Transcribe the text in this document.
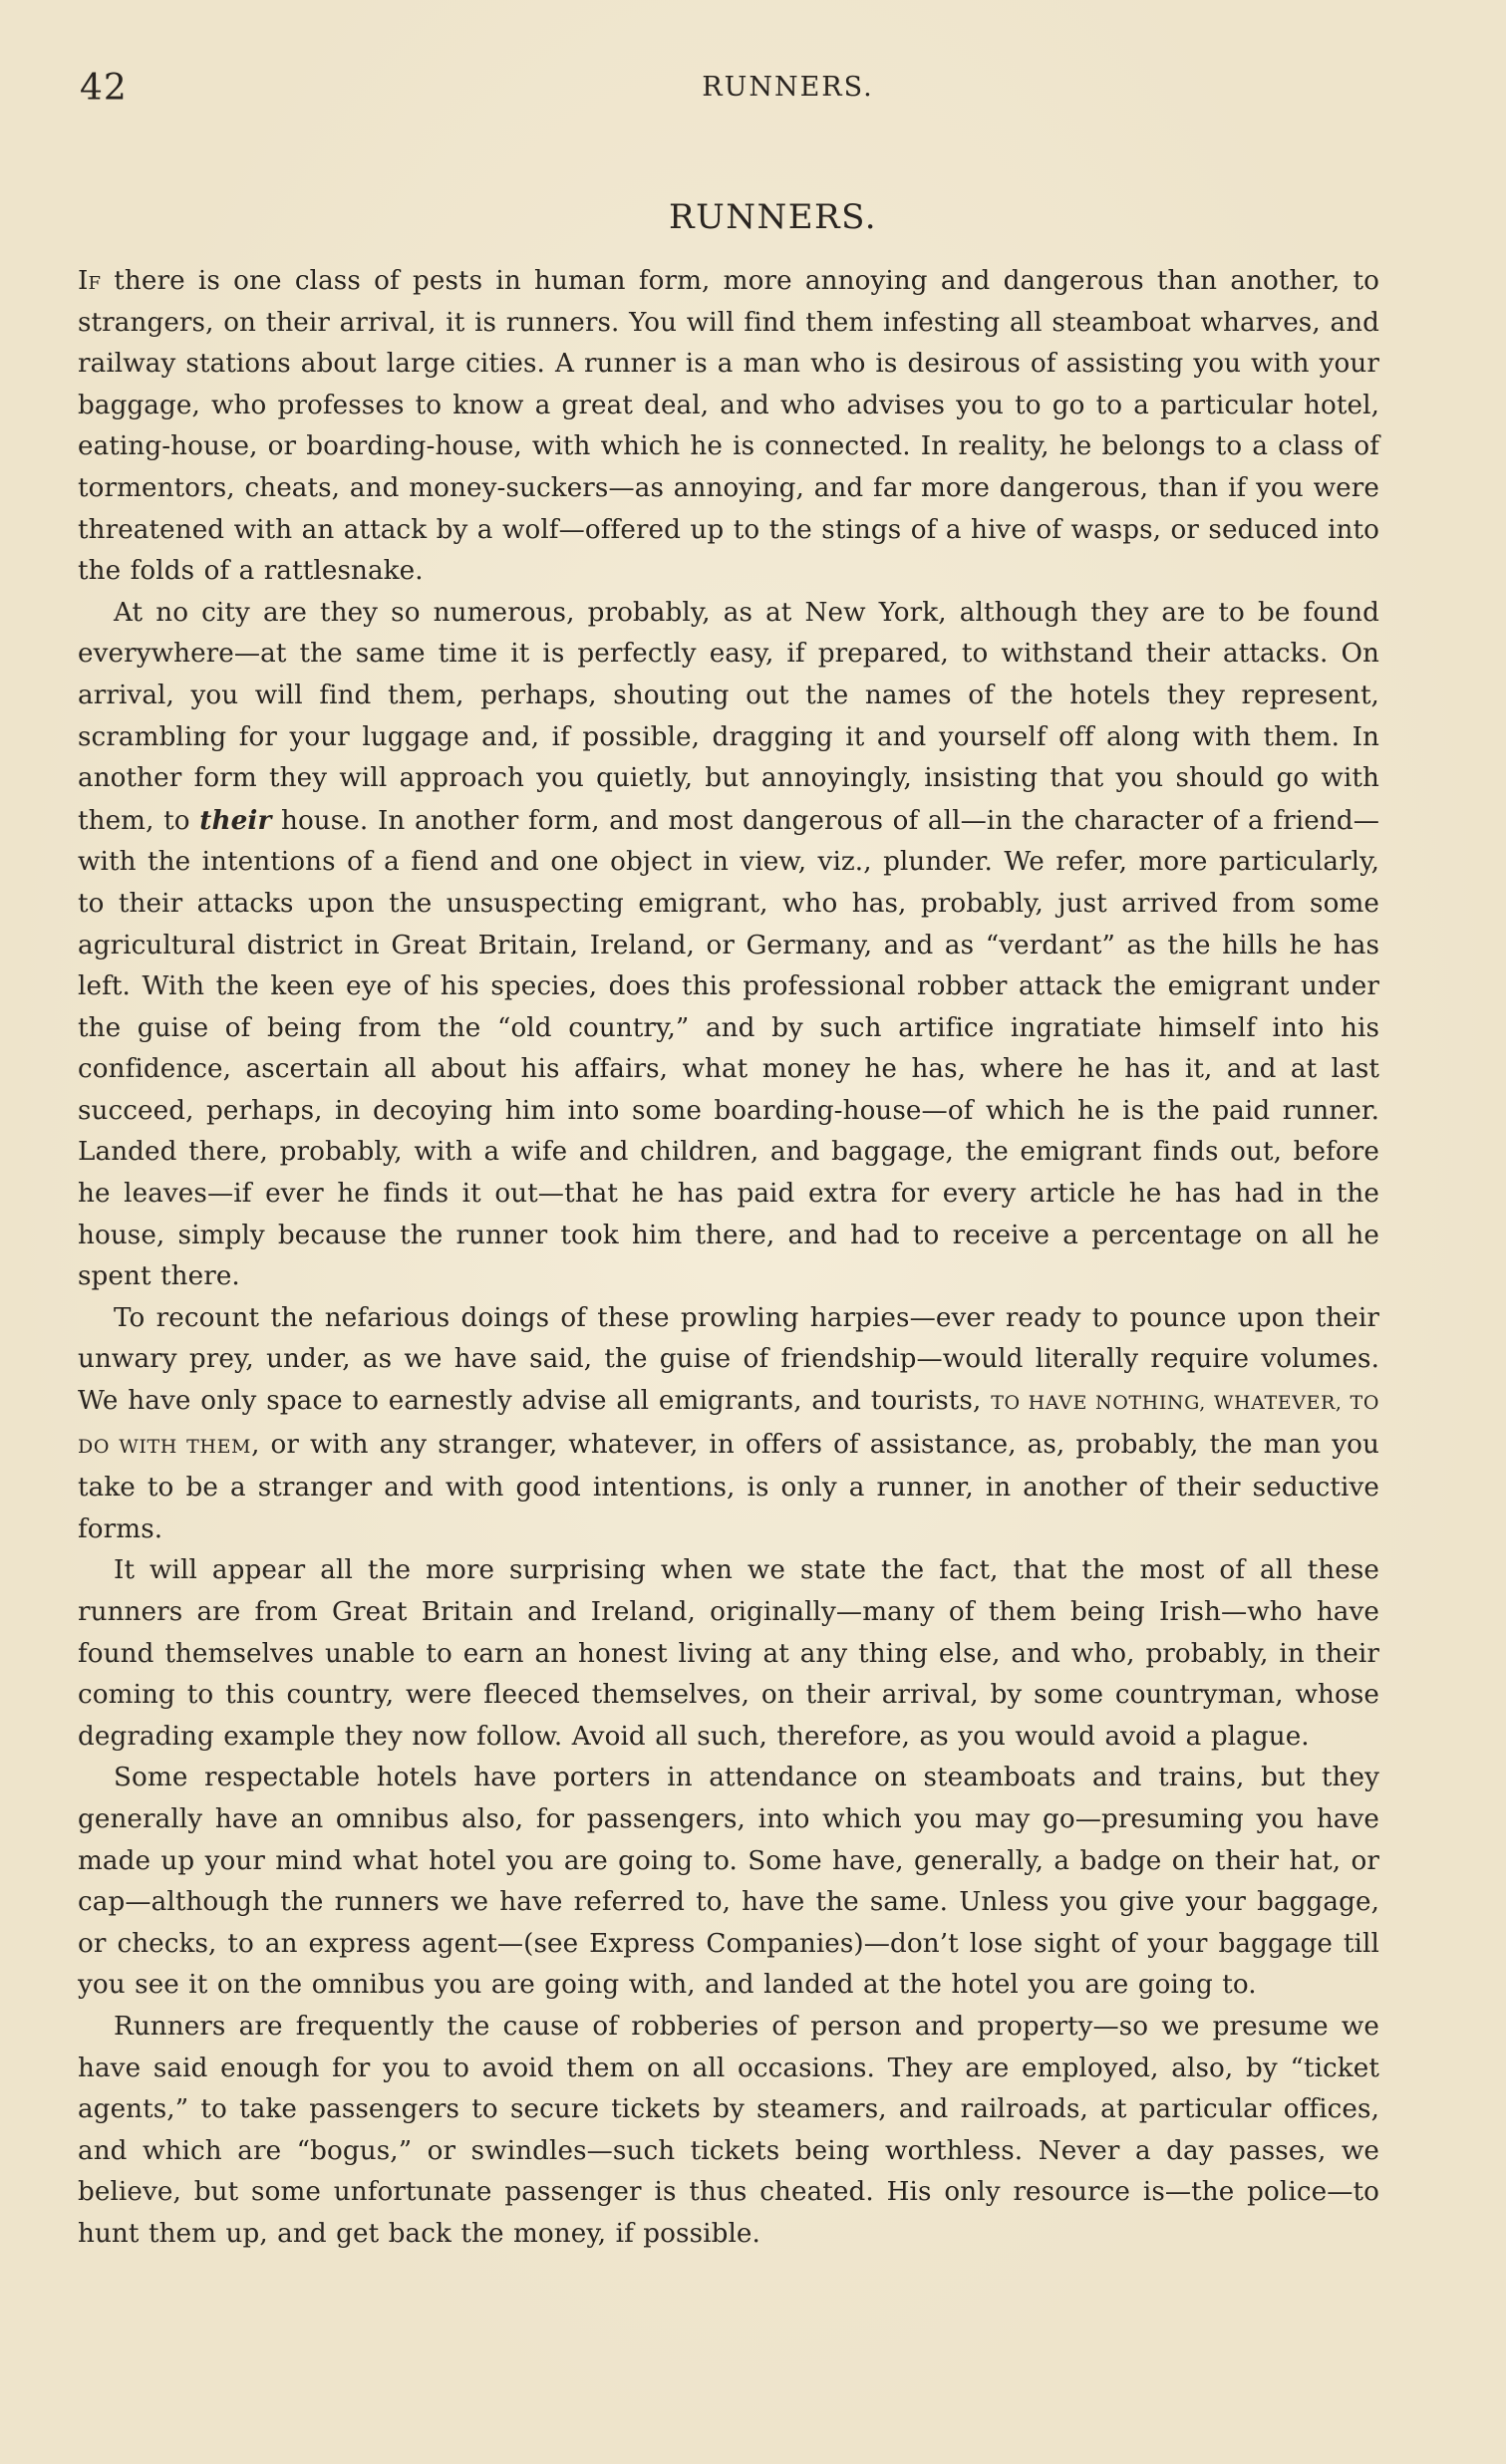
42	RUNNERS.
RUNNERS.

If there is one class of pests in human form, more annoying and dangerous than another, to strangers, on their arrival, it is runners. You will find them infesting all steamboat wharves, and railway stations about large cities. A runner is a man who is desirous of assisting you with your baggage, who professes to know a great deal, and who advises you to go to a particular hotel, eating-house, or boarding-house, with which he is connected. In reality, he belongs to a class of tormentors, cheats, and money-suckers—as annoying, and far more dangerous, than if you were threatened with an attack by a wolf—offered up to the stings of a hive of wasps, or seduced into the folds of a rattlesnake.

At no city are they so numerous, probably, as at New York, although they are to be found everywhere—at the same time it is perfectly easy, if prepared, to withstand their attacks. On arrival, you will find them, perhaps, shouting out the names of the hotels they represent, scrambling for your luggage and, if possible, dragging it and yourself off along with them. In another form they will approach you quietly, but annoyingly, insisting that you should go with them, to their house. In another form, and most dangerous of all—in the character of a friend—with the intentions of a fiend and one object in view, viz., plunder. We refer, more particularly, to their attacks upon the unsuspecting emigrant, who has, probably, just arrived from some agricultural district in Great Britain, Ireland, or Germany, and as “verdant” as the hills he has left. With the keen eye of his species, does this professional robber attack the emigrant under the guise of being from the “old country,” and by such artifice ingratiate himself into his confidence, ascertain all about his affairs, what money he has, where he has it, and at last succeed, perhaps, in decoying him into some boarding-house—of which he is the paid runner. Landed there, probably, with a wife and children, and baggage, the emigrant finds out, before he leaves—if ever he finds it out—that he has paid extra for every article he has had in the house, simply because the runner took him there, and had to receive a percentage on all he spent there.

To recount the nefarious doings of these prowling harpies—ever ready to pounce upon their unwary prey, under, as we have said, the guise of friendship—would literally require volumes. We have only space to earnestly advise all emigrants, and tourists, TO HAVE NOTHING, WHATEVER, TO DO WITH THEM, or with any stranger, whatever, in offers of assistance, as, probably, the man you take to be a stranger and with good intentions, is only a runner, in another of their seductive forms.

It will appear all the more surprising when we state the fact, that the most of all these runners are from Great Britain and Ireland, originally—many of them being Irish—who have found themselves unable to earn an honest living at any thing else, and who, probably, in their coming to this country, were fleeced themselves, on their arrival, by some countryman, whose degrading example they now follow. Avoid all such, therefore, as you would avoid a plague.

Some respectable hotels have porters in attendance on steamboats and trains, but they generally have an omnibus also, for passengers, into which you may go—presuming you have made up your mind what hotel you are going to. Some have, generally, a badge on their hat, or cap—although the runners we have referred to, have the same. Unless you give your baggage, or checks, to an express agent—(see Express Companies)—don’t lose sight of your baggage till you see it on the omnibus you are going with, and landed at the hotel you are going to.

Runners are frequently the cause of robberies of person and property—so we presume we have said enough for you to avoid them on all occasions. They are employed, also, by “ticket agents,” to take passengers to secure tickets by steamers, and railroads, at particular offices, and which are “bogus,” or swindles—such tickets being worthless. Never a day passes, we believe, but some unfortunate passenger is thus cheated. His only resource is—the police—to hunt them up, and get back the money, if possible.
